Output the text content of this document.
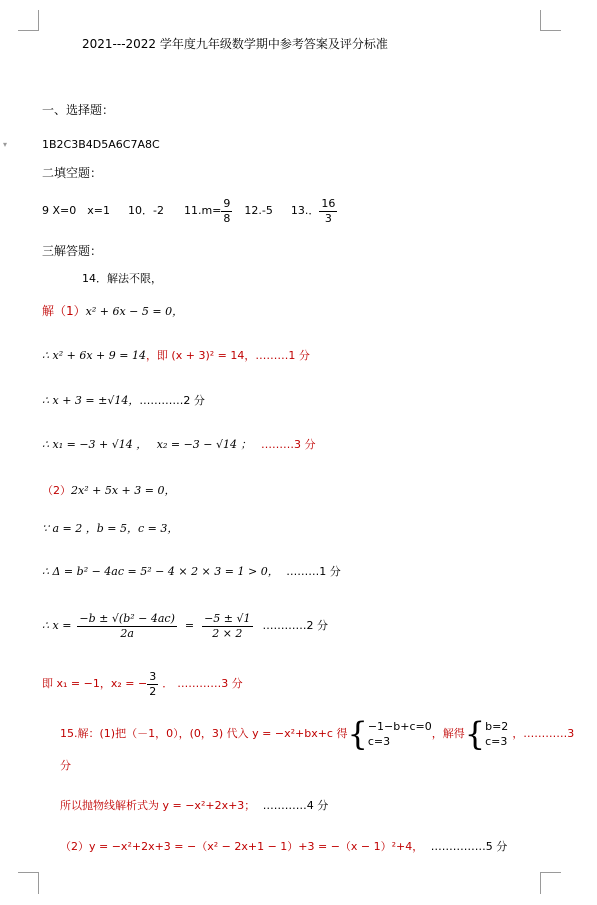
▾
2021---2022 学年度九年级数学期中参考答案及评分标准
一、选择题：
1B2C3B4D5A6C7A8C
二填空题：
9 X=0　x=1 10．-2 $11.m= \frac{9}{8} 12.-5$ 13.． $\frac{16}{3}$
三解答题：
14．解法不限，
解（1）x² + 6x − 5 = 0，
∴ x² + 6x + 9 = 14，即 (x + 3)² = 14，………1 分
∴ x + 3 = ±√14，…………2 分
∴ x₁ = −3 + √14 ， x₂ = −3 − √14 ； ………3 分
（2）2x² + 5x + 3 = 0，
∵ a = 2 ，b = 5，c = 3，
∴ Δ = b² − 4ac = 5² − 4 × 2 × 3 = 1 > 0， ………1 分
∴ $x = \frac{\text{−b ± √(b² − 4ac)}}{2a} = \frac{-5 \pm √1}{2 \times 2}$ …………2 分
即 x₁ = −1，x₂ = − $\frac{3}{2}$ ． …………3 分
15.解：(1)把（－1，0），(0，3) 代入 y = −x²+bx+c 得 { −1−b+c=0
c=3
，解得 { b=2
c=3
，…………3
分
所以抛物线解析式为 y = −x²+2x+3； …………4 分
（2）y = −x²+2x+3 = −（x² − 2x+1 − 1）+3 = −（x − 1）²+4， ……………5 分
